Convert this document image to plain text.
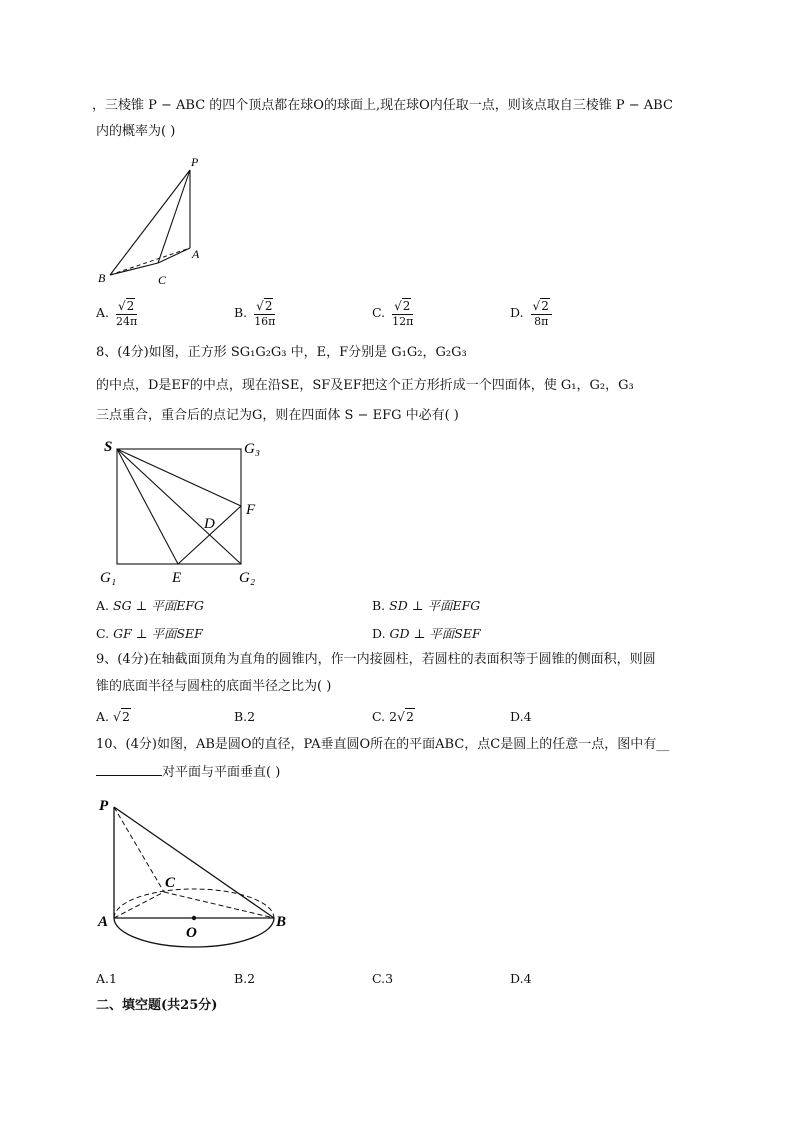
，三棱锥 P − ABC 的四个顶点都在球O的球面上,现在球O内任取一点，则该点取自三棱锥 P − ABC
内的概率为( )
P
A
B	C
A. $\frac{√2}{24\pi}$	B. $\frac{√2}{16\pi}$	C. $\frac{√2}{12\pi}$	D. $\frac{√2}{8\pi}$
8、(4分)如图，正方形 SG₁G₂G₃ 中，E，F分别是 G₁G₂，G₂G₃
的中点，D是EF的中点，现在沿SE，SF及EF把这个正方形折成一个四面体，使 G₁，G₂，G₃
三点重合，重合后的点记为G，则在四面体 S − EFG 中必有( )
S	G₃
F
D
G₁	E	G₂
A. SG ⊥ 平面EFG	B. SD ⊥ 平面EFG
C. GF ⊥ 平面SEF	D. GD ⊥ 平面SEF
9、(4分)在轴截面顶角为直角的圆锥内，作一内接圆柱，若圆柱的表面积等于圆锥的侧面积，则圆
锥的底面半径与圆柱的底面半径之比为( )
A. √2	B.2	C. 2√2	D.4
10、(4分)如图，AB是圆O的直径，PA垂直圆O所在的平面ABC，点C是圆上的任意一点，图中有__
对平面与平面垂直( )
P
C
A	B
O
A.1	B.2	C.3	D.4
二、填空题(共25分)
